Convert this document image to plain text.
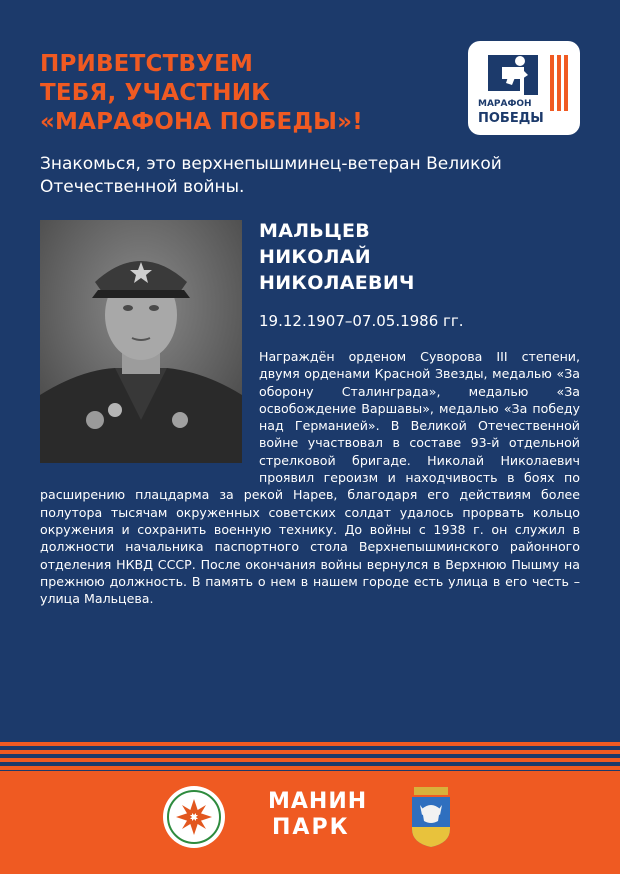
ПРИВЕТСТВУЕМ
ТЕБЯ, УЧАСТНИК
«МАРАФОНА ПОБЕДЫ»!
МАРАФОН
ПОБЕДЫ
Знакомься, это верхнепышминец-ветеран Великой Отечественной войны.
МАЛЬЦЕВ
НИКОЛАЙ
НИКОЛАЕВИЧ
19.12.1907–07.05.1986 гг.
Награждён орденом Суворова III степени, двумя орденами Красной Звезды, медалью «За оборону Сталинграда», медалью «За освобождение Варшавы», медалью «За победу над Германией». В Великой Отечественной войне участвовал в составе 93-й отдельной стрелковой бригаде. Николай Николаевич проявил героизм и находчивость в боях по расширению плацдарма за рекой Нарев, благодаря его действиям более полутора тысячам окруженных советских солдат удалось прорвать кольцо окружения и сохранить военную технику. До войны с 1938 г. он служил в должности начальника паспортного стола Верхнепышминского районного отделения НКВД СССР. После окончания войны вернулся в Верхнюю Пышму на прежнюю должность. В память о нем в нашем городе есть улица в его честь – улица Мальцева.
МАНИН
ПАРК
